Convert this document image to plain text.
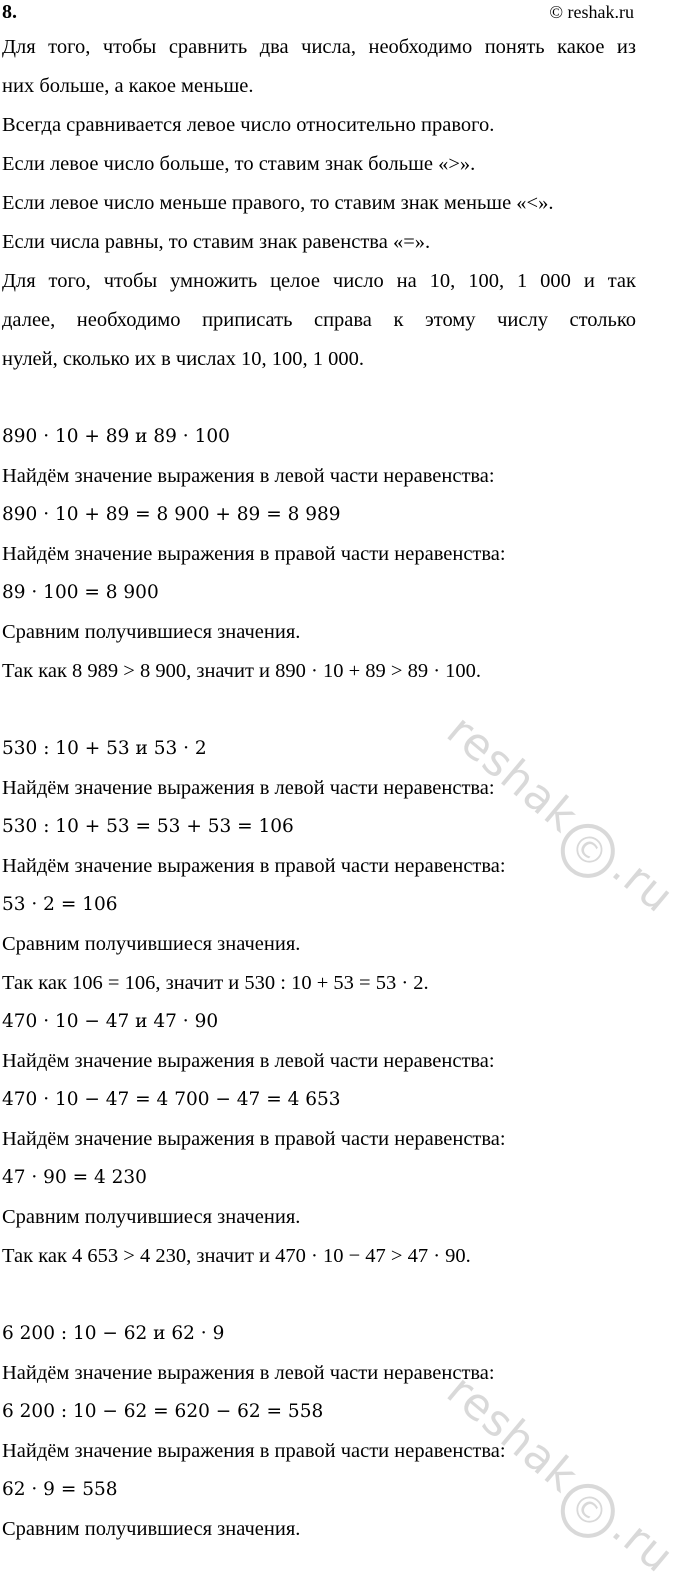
8.	© reshak.ru
Для того, чтобы сравнить два числа, необходимо понять какое из
них больше, а какое меньше.
Всегда сравнивается левое число относительно правого.
Если левое число больше, то ставим знак больше «>».
Если левое число меньше правого, то ставим знак меньше «<».
Если числа равны, то ставим знак равенства «=».
Для того, чтобы умножить целое число на 10, 100, 1 000 и так
далее, необходимо приписать справа к этому числу столько
нулей, сколько их в числах 10, 100, 1 000.
890 · 10 + 89 и 89 · 100
Найдём значение выражения в левой части неравенства:
890 · 10 + 89 = 8 900 + 89 = 8 989
Найдём значение выражения в правой части неравенства:
89 · 100 = 8 900
Сравним получившиеся значения.
Так как 8 989 > 8 900, значит и 890 · 10 + 89 > 89 · 100.
530 : 10 + 53 и 53 · 2
Найдём значение выражения в левой части неравенства:
530 : 10 + 53 = 53 + 53 = 106
Найдём значение выражения в правой части неравенства:
53 · 2 = 106
Сравним получившиеся значения.
Так как 106 = 106, значит и 530 : 10 + 53 = 53 · 2.
470 · 10 − 47 и 47 · 90
Найдём значение выражения в левой части неравенства:
470 · 10 − 47 = 4 700 − 47 = 4 653
Найдём значение выражения в правой части неравенства:
47 · 90 = 4 230
Сравним получившиеся значения.
Так как 4 653 > 4 230, значит и 470 · 10 − 47 > 47 · 90.
6 200 : 10 − 62 и 62 · 9
Найдём значение выражения в левой части неравенства:
6 200 : 10 − 62 = 620 − 62 = 558
Найдём значение выражения в правой части неравенства:
62 · 9 = 558
Сравним получившиеся значения.
reshak©.ru
reshak©.ru
